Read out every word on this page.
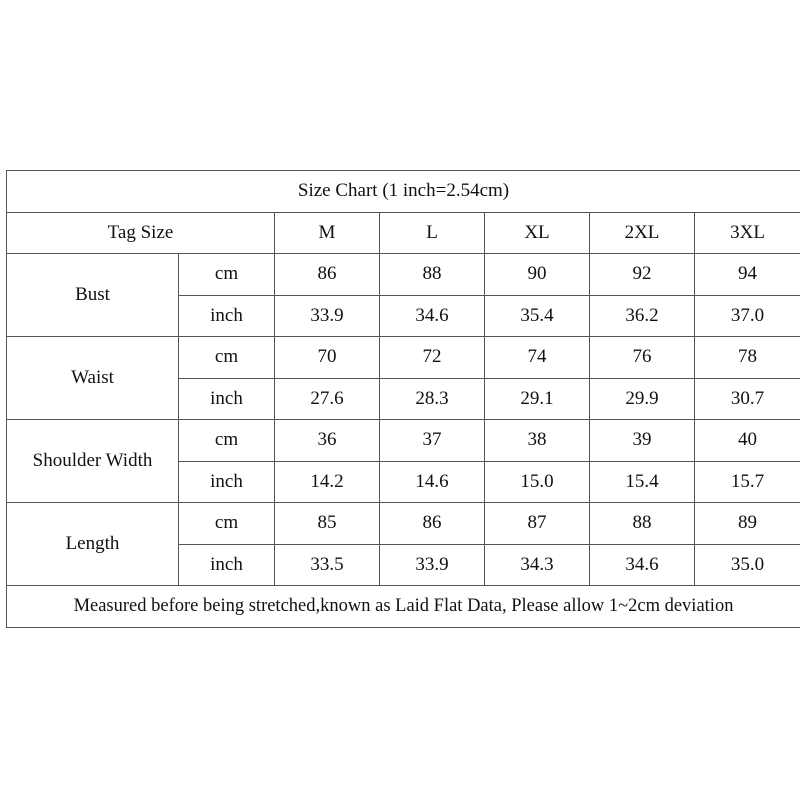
Size Chart (1 inch=2.54cm)						
Tag Size		M	L	XL	2XL	3XL
Bust	cm	86	88	90	92	94
	inch	33.9	34.6	35.4	36.2	37.0
Waist	cm	70	72	74	76	78
	inch	27.6	28.3	29.1	29.9	30.7
Shoulder Width	cm	36	37	38	39	40
	inch	14.2	14.6	15.0	15.4	15.7
Length	cm	85	86	87	88	89
	inch	33.5	33.9	34.3	34.6	35.0
Measured before being stretched,known as Laid Flat Data, Please allow 1~2cm deviation						
